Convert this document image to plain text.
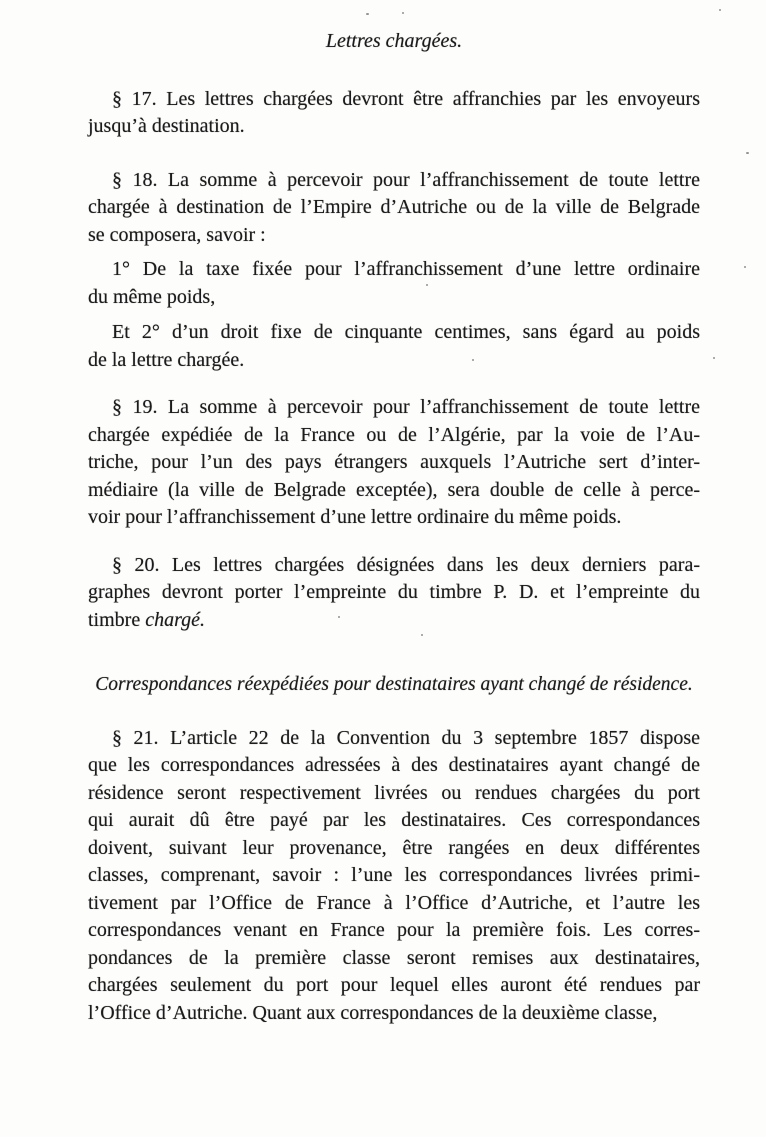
Lettres chargées.
§ 17. Les lettres chargées devront être affranchies par les envoyeurs
jusqu’à destination.
§ 18. La somme à percevoir pour l’affranchissement de toute lettre
chargée à destination de l’Empire d’Autriche ou de la ville de Belgrade
se composera, savoir :
1° De la taxe fixée pour l’affranchissement d’une lettre ordinaire
du même poids,
Et 2° d’un droit fixe de cinquante centimes, sans égard au poids
de la lettre chargée.
§ 19. La somme à percevoir pour l’affranchissement de toute lettre
chargée expédiée de la France ou de l’Algérie, par la voie de l’Au-
triche, pour l’un des pays étrangers auxquels l’Autriche sert d’inter-
médiaire (la ville de Belgrade exceptée), sera double de celle à perce-
voir pour l’affranchissement d’une lettre ordinaire du même poids.
§ 20. Les lettres chargées désignées dans les deux derniers para-
graphes devront porter l’empreinte du timbre P. D. et l’empreinte du
timbre chargé.
Correspondances réexpédiées pour destinataires ayant changé de résidence.
§ 21. L’article 22 de la Convention du 3 septembre 1857 dispose
que les correspondances adressées à des destinataires ayant changé de
résidence seront respectivement livrées ou rendues chargées du port
qui aurait dû être payé par les destinataires. Ces correspondances
doivent, suivant leur provenance, être rangées en deux différentes
classes, comprenant, savoir : l’une les correspondances livrées primi-
tivement par l’Office de France à l’Office d’Autriche, et l’autre les
correspondances venant en France pour la première fois. Les corres-
pondances de la première classe seront remises aux destinataires,
chargées seulement du port pour lequel elles auront été rendues par
l’Office d’Autriche. Quant aux correspondances de la deuxième classe,
